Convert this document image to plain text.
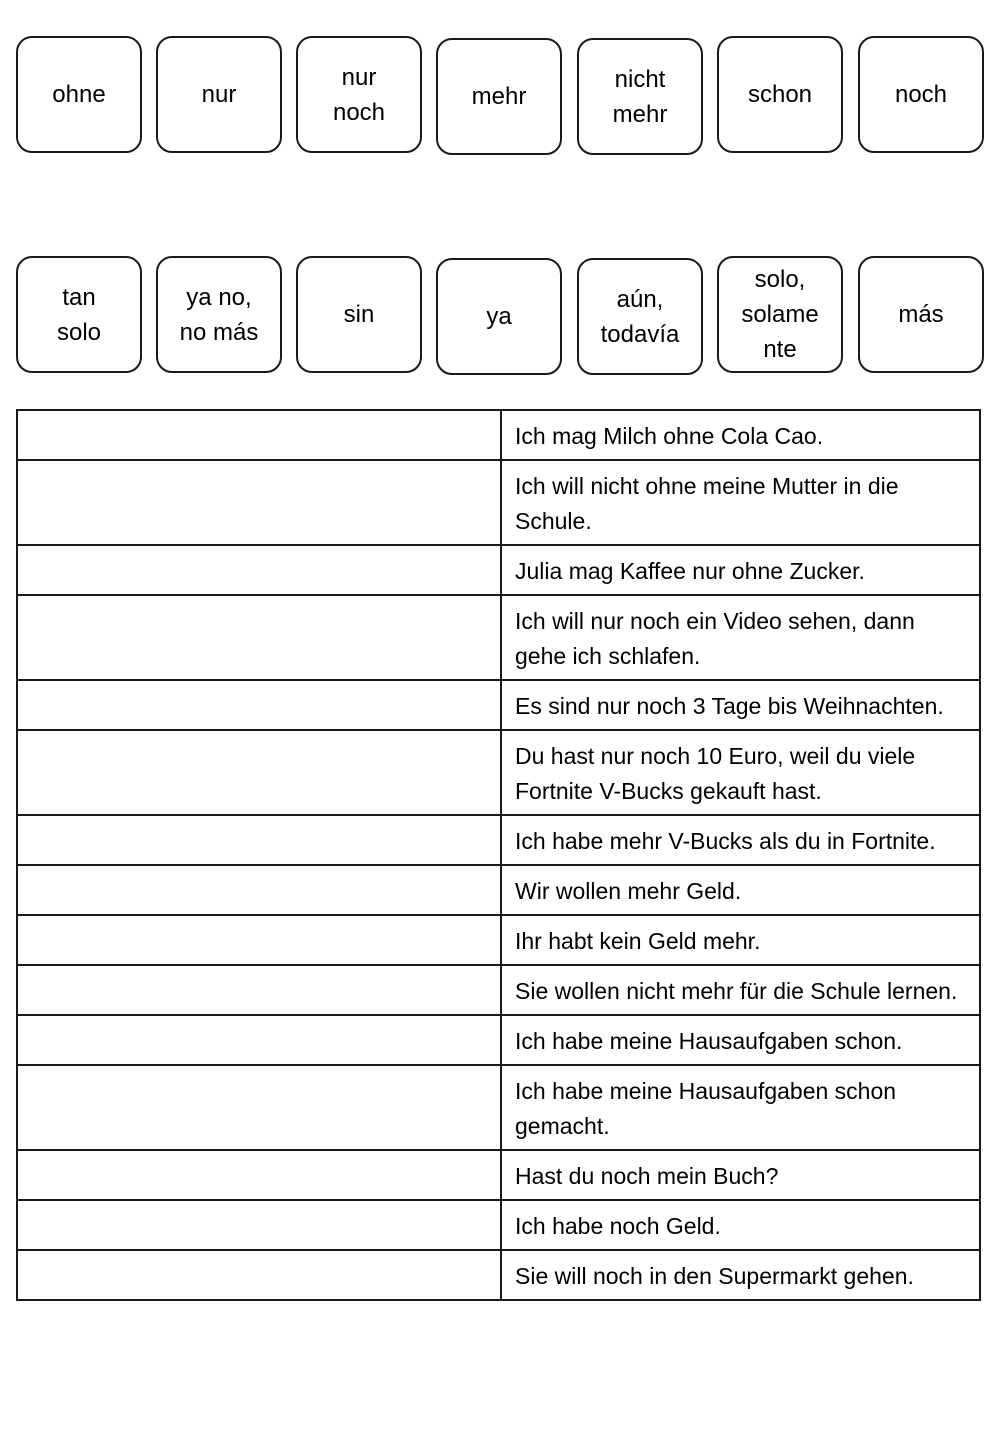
ohne	nur
nur
noch
mehr
nicht
mehr
schon	noch
tan
solo
ya no,
no más
sin	ya
aún,
todavía
solo,
solame
nte
más
	Ich mag Milch ohne Cola Cao.
	Ich will nicht ohne meine Mutter in die Schule.
	Julia mag Kaffee nur ohne Zucker.
	Ich will nur noch ein Video sehen, dann gehe ich schlafen.
	Es sind nur noch 3 Tage bis Weihnachten.
	Du hast nur noch 10 Euro, weil du viele Fortnite V-Bucks gekauft hast.
	Ich habe mehr V-Bucks als du in Fortnite.
	Wir wollen mehr Geld.
	Ihr habt kein Geld mehr.
	Sie wollen nicht mehr für die Schule lernen.
	Ich habe meine Hausaufgaben schon.
	Ich habe meine Hausaufgaben schon gemacht.
	Hast du noch mein Buch?
	Ich habe noch Geld.
	Sie will noch in den Supermarkt gehen.
